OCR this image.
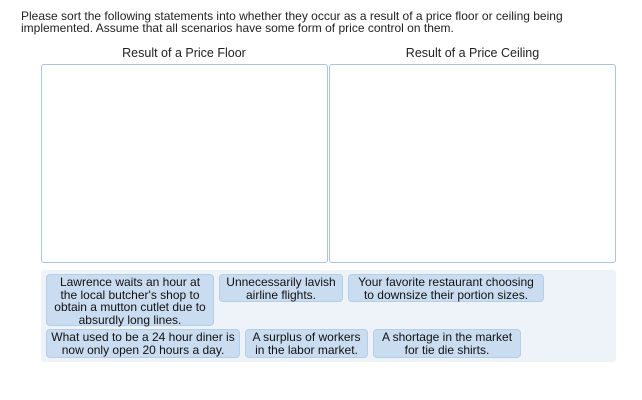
Please sort the following statements into whether they occur as a result of a price floor or ceiling being implemented. Assume that all scenarios have some form of price control on them.
Result of a Price Floor	Result of a Price Ceiling
Lawrence waits an hour at the local butcher's shop to obtain a mutton cutlet due to absurdly long lines.
Unnecessarily lavish airline flights.
Your favorite restaurant choosing to downsize their portion sizes.
What used to be a 24 hour diner is now only open 20 hours a day.
A surplus of workers in the labor market.
A shortage in the market for tie die shirts.
